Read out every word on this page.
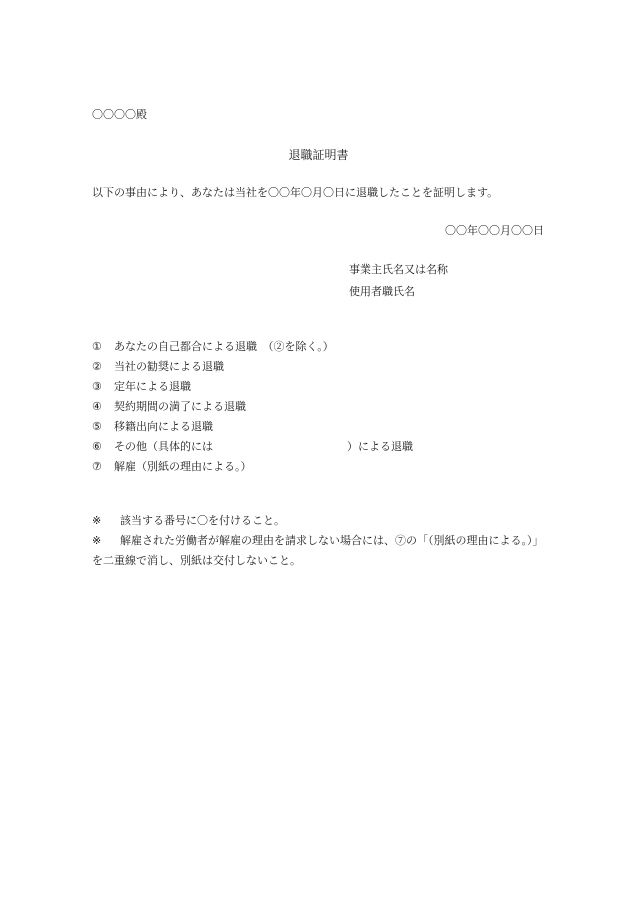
〇〇〇〇殿
退職証明書
以下の事由により、あなたは当社を〇〇年〇月〇日に退職したことを証明します。
〇〇年〇〇月〇〇日
事業主氏名又は名称
使用者職氏名
① あなたの自己都合による退職　（②を除く。）
② 当社の勧奨による退職
③ 定年による退職
④ 契約期間の満了による退職
⑤ 移籍出向による退職
⑥ その他（具体的には	）による退職
⑦ 解雇（別紙の理由による。）
※ 該当する番号に〇を付けること。
※ 解雇された労働者が解雇の理由を請求しない場合には、⑦の「（別紙の理由による。）」
を二重線で消し、別紙は交付しないこと。
